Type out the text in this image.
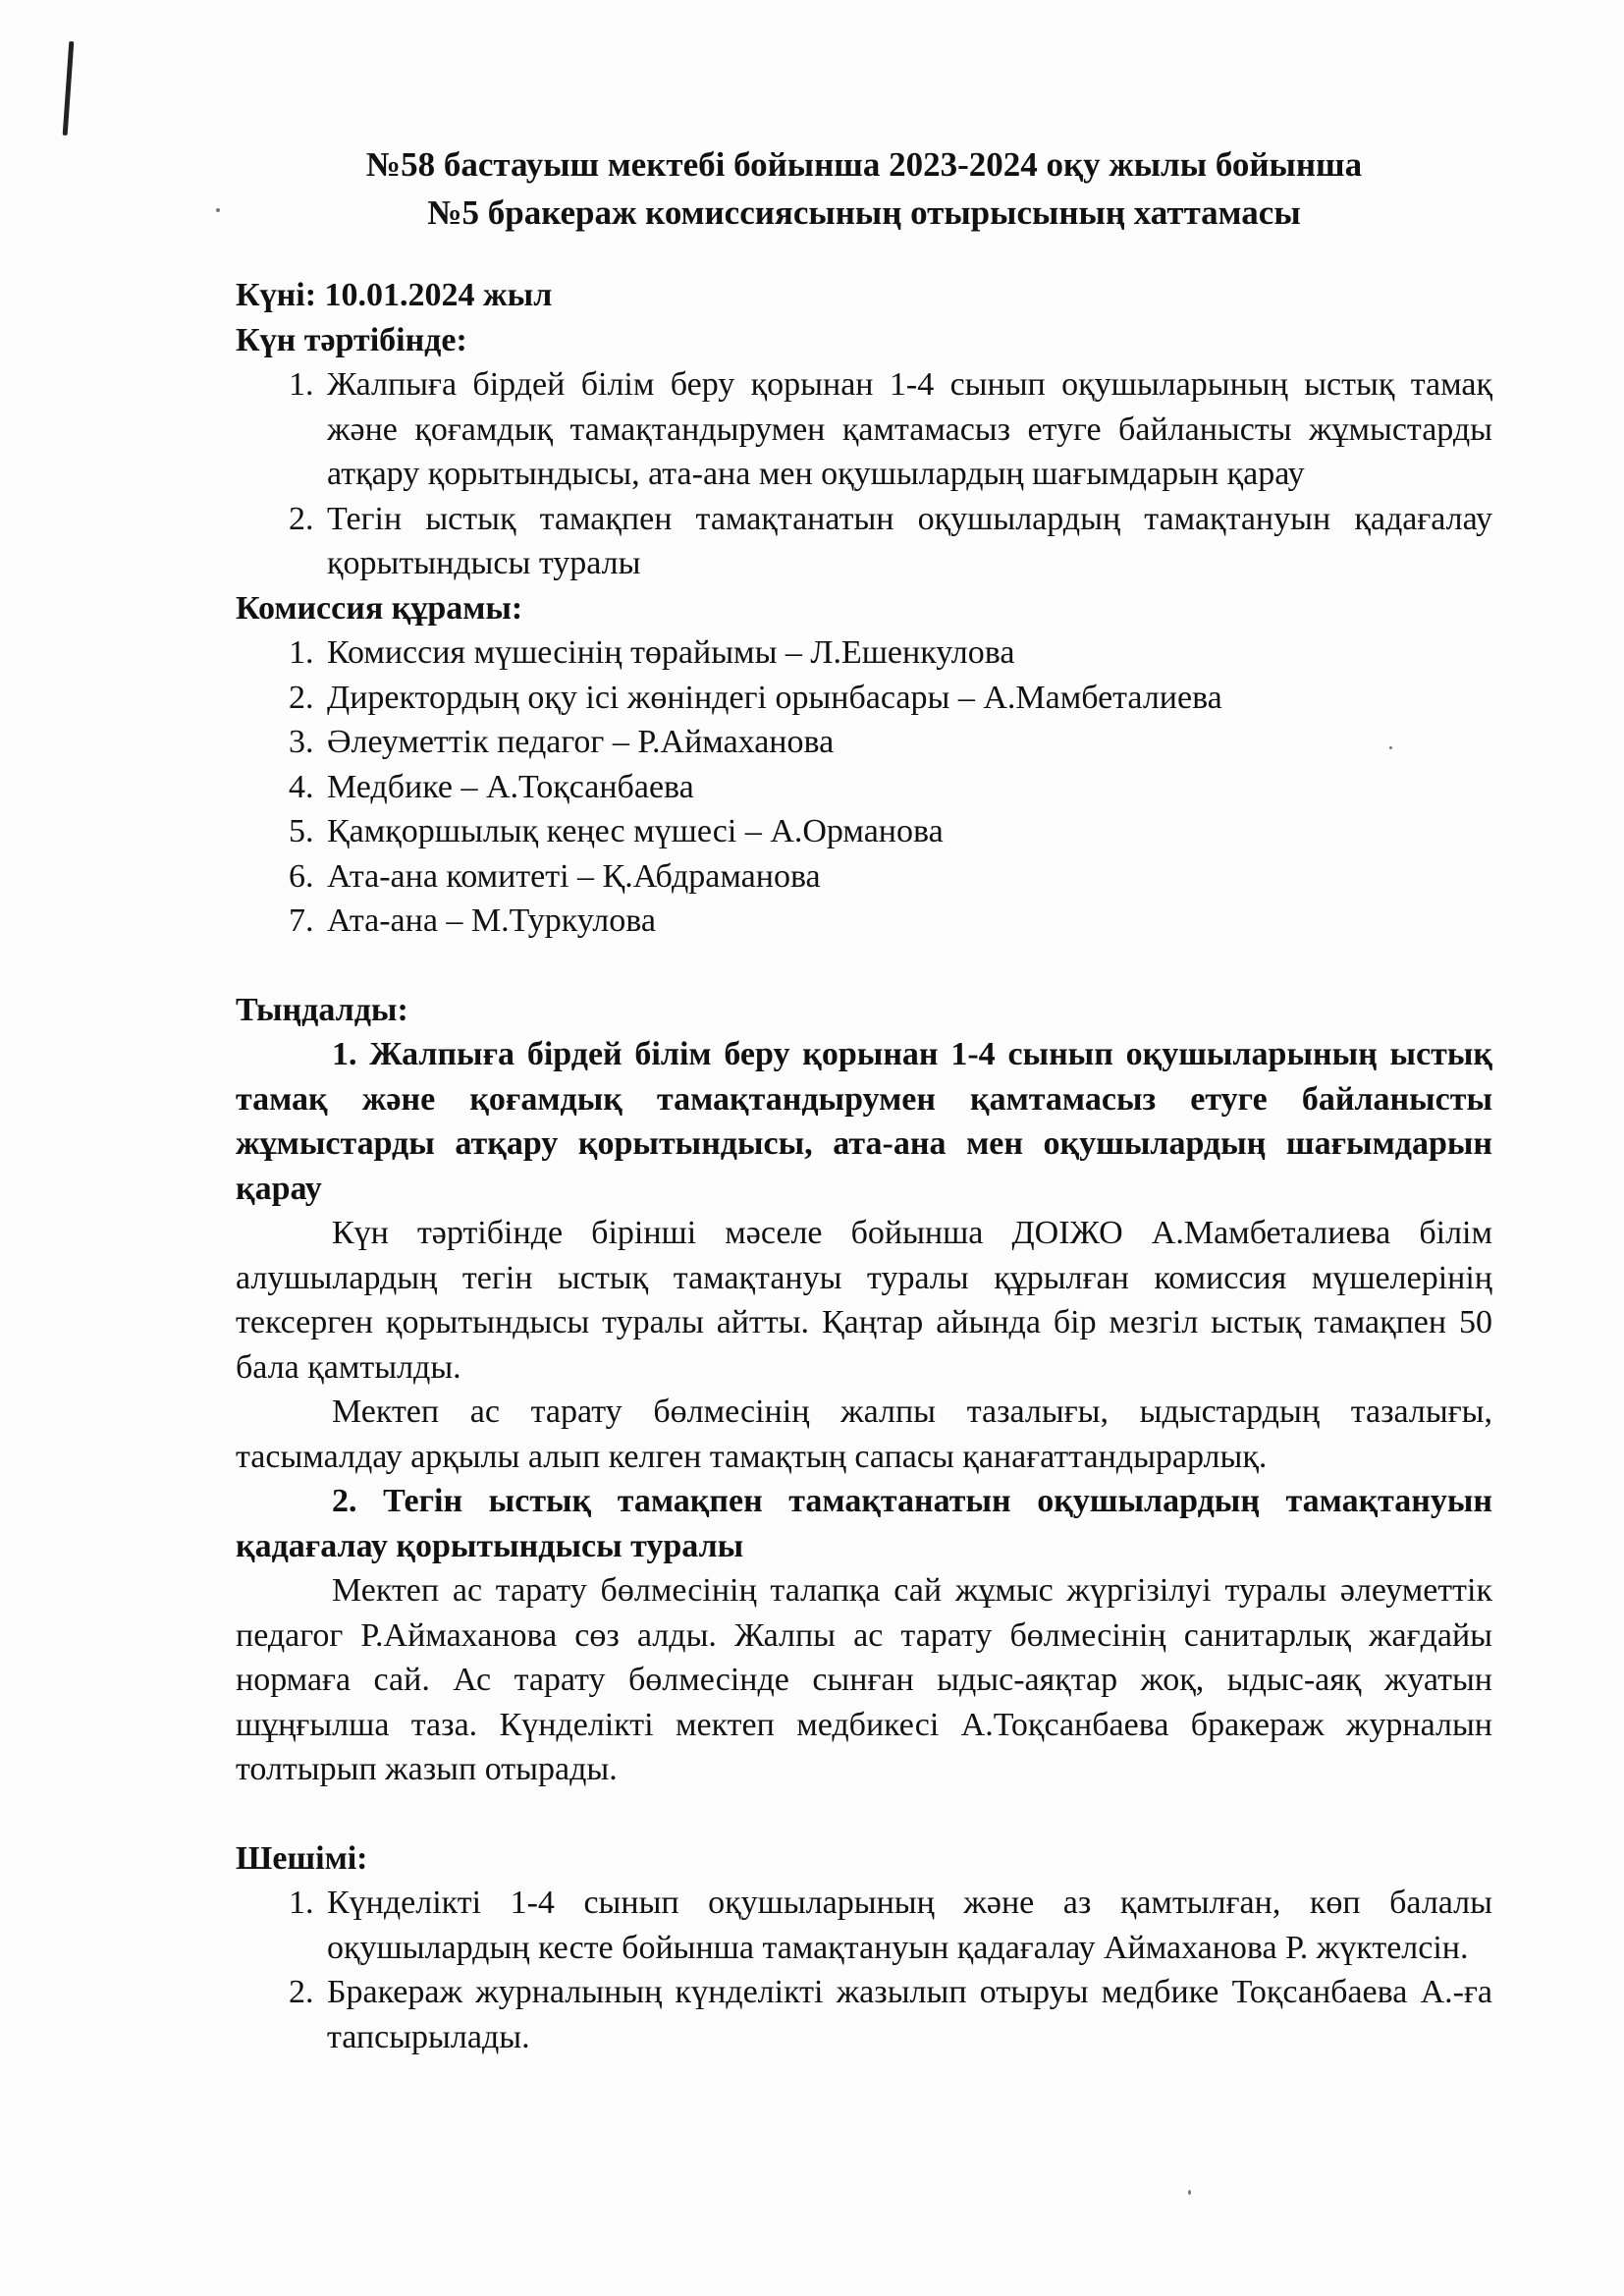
№58 бастауыш мектебі бойынша 2023-2024 оқу жылы бойынша
№5 бракераж комиссиясының отырысының хаттамасы

Күні: 10.01.2024 жыл

Күн тәртібінде:

1. Жалпыға бірдей білім беру қорынан 1-4 сынып оқушыларының ыстық тамақ және қоғамдық тамақтандырумен қамтамасыз етуге байланысты жұмыстарды атқару қорытындысы, ата-ана мен оқушылардың шағымдарын қарау
2. Тегін ыстық тамақпен тамақтанатын оқушылардың тамақтануын қадағалау қорытындысы туралы

Комиссия құрамы:

1. Комиссия мүшесінің төрайымы – Л.Ешенкулова
2. Директордың оқу ісі жөніндегі орынбасары – А.Мамбеталиева
3. Әлеуметтік педагог – Р.Аймаханова
4. Медбике – А.Тоқсанбаева
5. Қамқоршылық кеңес мүшесі – А.Орманова
6. Ата-ана комитеті – Қ.Абдраманова
7. Ата-ана – М.Туркулова

Тыңдалды:

1. Жалпыға бірдей білім беру қорынан 1-4 сынып оқушыларының ыстық тамақ және қоғамдық тамақтандырумен қамтамасыз етуге байланысты жұмыстарды атқару қорытындысы, ата-ана мен оқушылардың шағымдарын қарау

Күн тәртібінде бірінші мәселе бойынша ДОІЖО А.Мамбеталиева білім алушылардың тегін ыстық тамақтануы туралы құрылған комиссия мүшелерінің тексерген қорытындысы туралы айтты. Қаңтар айында бір мезгіл ыстық тамақпен 50 бала қамтылды.

Мектеп ас тарату бөлмесінің жалпы тазалығы, ыдыстардың тазалығы, тасымалдау арқылы алып келген тамақтың сапасы қанағаттандырарлық.

2. Тегін ыстық тамақпен тамақтанатын оқушылардың тамақтануын қадағалау қорытындысы туралы

Мектеп ас тарату бөлмесінің талапқа сай жұмыс жүргізілуі туралы әлеуметтік педагог Р.Аймаханова сөз алды. Жалпы ас тарату бөлмесінің санитарлық жағдайы нормаға сай. Ас тарату бөлмесінде сынған ыдыс-аяқтар жоқ, ыдыс-аяқ жуатын шұңғылша таза. Күнделікті мектеп медбикесі А.Тоқсанбаева бракераж журналын толтырып жазып отырады.

Шешімі:

1. Күнделікті 1-4 сынып оқушыларының және аз қамтылған, көп балалы оқушылардың кесте бойынша тамақтануын қадағалау Аймаханова Р. жүктелсін.
2. Бракераж журналының күнделікті жазылып отыруы медбике Тоқсанбаева А.-ға тапсырылады.
